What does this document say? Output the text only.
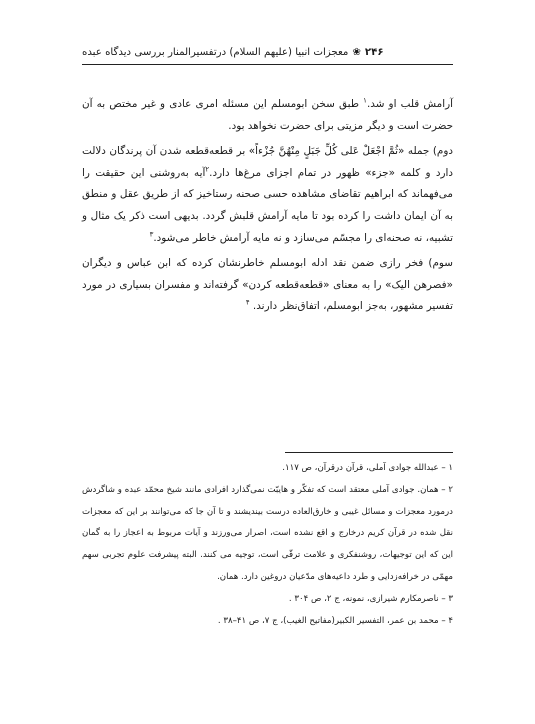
۲۴۶
❀
معجزات انبیا (علیهم السلام) درتفسیرالمنار بررسی دیدگاه عبده

آرامش قلب او شد.$^۱$ طبق سخن ابومسلم این مسئله امری عادی و غیر مختص به آن حضرت است و دیگر مزیتی برای حضرت نخواهد بود.

دوم) جمله «ثُمَّ اجْعَلْ عَلی کُلِّ جَبَلٍ مِنْهُنَّ جُزْءاً» بر قطعه‌قطعه شدن آن پرندگان دلالت دارد و کلمه «جزء» ظهور در تمام اجزای مرغ‌ها دارد.$^۲$آیه به‌روشنی این حقیقت را می‌فهماند که ابراهیم تقاضای مشاهده حسی صحنه رستاخیز که از طریق عقل و منطق به آن ایمان داشت را کرده بود تا مایه آرامش قلبش گردد. بدیهی است ذکر یک مثال و تشبیه، نه صحنه‌ای را مجسّم می‌سازد و نه مایه آرامش خاطر می‌شود.$^۳$

سوم) فخر رازی ضمن نقد ادله ابومسلم خاطرنشان کرده که ابن عباس و دیگران «فصرهن الیک» را به معنای «قطعه‌قطعه کردن» گرفته‌اند و مفسران بسیاری در مورد تفسیر مشهور، به‌جز ابومسلم، اتفاق‌نظر دارند. $^۴$

۱ – عبدالله جوادی آملی، قرآن درقرآن، ص ۱۱۷.

۲ – همان. جوادی آملی معتقد است که تفکّر و هایبّت نمی‌گذارد افرادی مانند شیخ محمّد عبده و شاگردش درمورد معجزات و مسائل غیبی و خارق‌العاده درست بیندیشند و تا آن جا که می‌توانند بر این که معجزات نقل شده در قرآن کریم درخارج و اقع نشده است، اصرار می‌ورزند و آیات مربوط به اعجاز را به گمان این که این توجیهات، روشنفکری و علامت ترقّی است، توجیه می کنند. البته پیشرفت علوم تجربی سهم مهمّی در خرافه‌زدایی و طرد داعیه‌های مدّعیان دروغین دارد. همان.

۳ – ناصرمکارم شیرازی، نمونه، ج ۲، ص ۳۰۴ .

۴ – محمد بن عمر، التفسیر الکبیر(مفاتیح الغیب)، ج ۷، ص ۴۱–۳۸ .
